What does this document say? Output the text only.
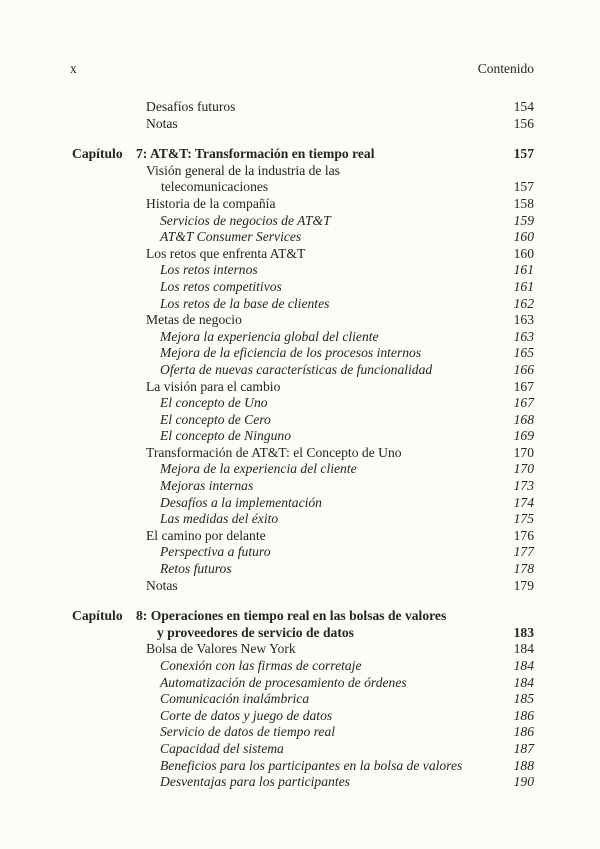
x	Contenido
Desafíos futuros	154
Notas	156
Capítulo 7: AT&T: Transformación en tiempo real	157
Visión general de la industria de las
telecomunicaciones	157
Historia de la compañía	158
Servicios de negocios de AT&T	159
AT&T Consumer Services	160
Los retos que enfrenta AT&T	160
Los retos internos	161
Los retos competitivos	161
Los retos de la base de clientes	162
Metas de negocio	163
Mejora la experiencia global del cliente	163
Mejora de la eficiencia de los procesos internos	165
Oferta de nuevas características de funcionalidad	166
La visión para el cambio	167
El concepto de Uno	167
El concepto de Cero	168
El concepto de Ninguno	169
Transformación de AT&T: el Concepto de Uno	170
Mejora de la experiencia del cliente	170
Mejoras internas	173
Desafíos a la implementación	174
Las medidas del éxito	175
El camino por delante	176
Perspectiva a futuro	177
Retos futuros	178
Notas	179
Capítulo 8: Operaciones en tiempo real en las bolsas de valores
y proveedores de servicio de datos	183
Bolsa de Valores New York	184
Conexión con las firmas de corretaje	184
Automatización de procesamiento de órdenes	184
Comunicación inalámbrica	185
Corte de datos y juego de datos	186
Servicio de datos de tiempo real	186
Capacidad del sistema	187
Beneficios para los participantes en la bolsa de valores	188
Desventajas para los participantes	190
